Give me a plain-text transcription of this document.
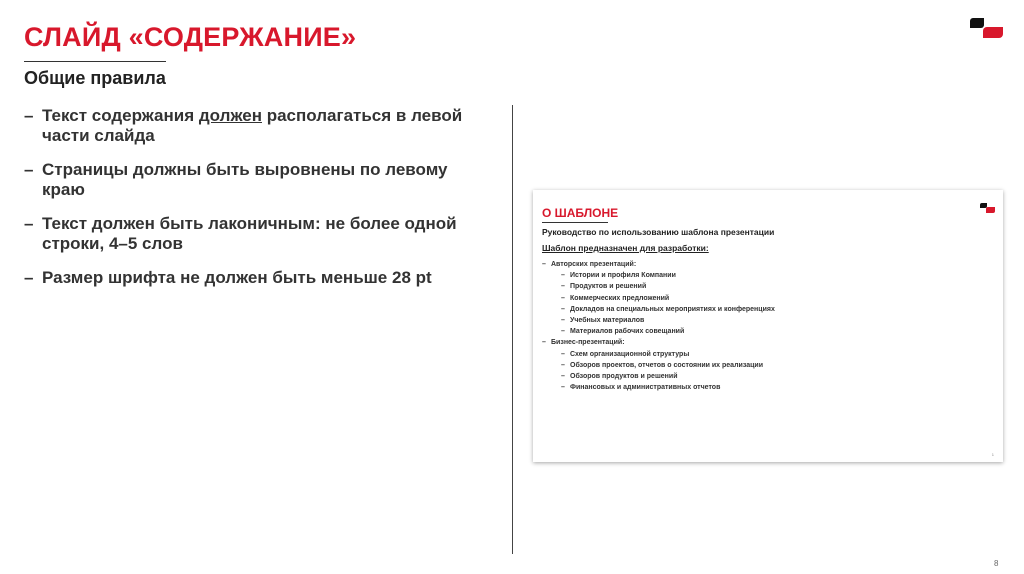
СЛАЙД «СОДЕРЖАНИЕ»
Общие правила
– Текст содержания должен располагаться в левой части слайда
– Страницы должны быть выровнены по левому краю
– Текст должен быть лаконичным: не более одной строки, 4–5 слов
– Размер шрифта не должен быть меньше 28 pt
О ШАБЛОНЕ
Руководство по использованию шаблона презентации
Шаблон предназначен для разработки:
– Авторских презентаций:
– Истории и профиля Компании
– Продуктов и решений
– Коммерческих предложений
– Докладов на специальных мероприятиях и конференциях
– Учебных материалов
– Материалов рабочих совещаний
– Бизнес-презентаций:
– Схем организационной структуры
– Обзоров проектов, отчетов о состоянии их реализации
– Обзоров продуктов и решений
– Финансовых и административных отчетов
1
8
